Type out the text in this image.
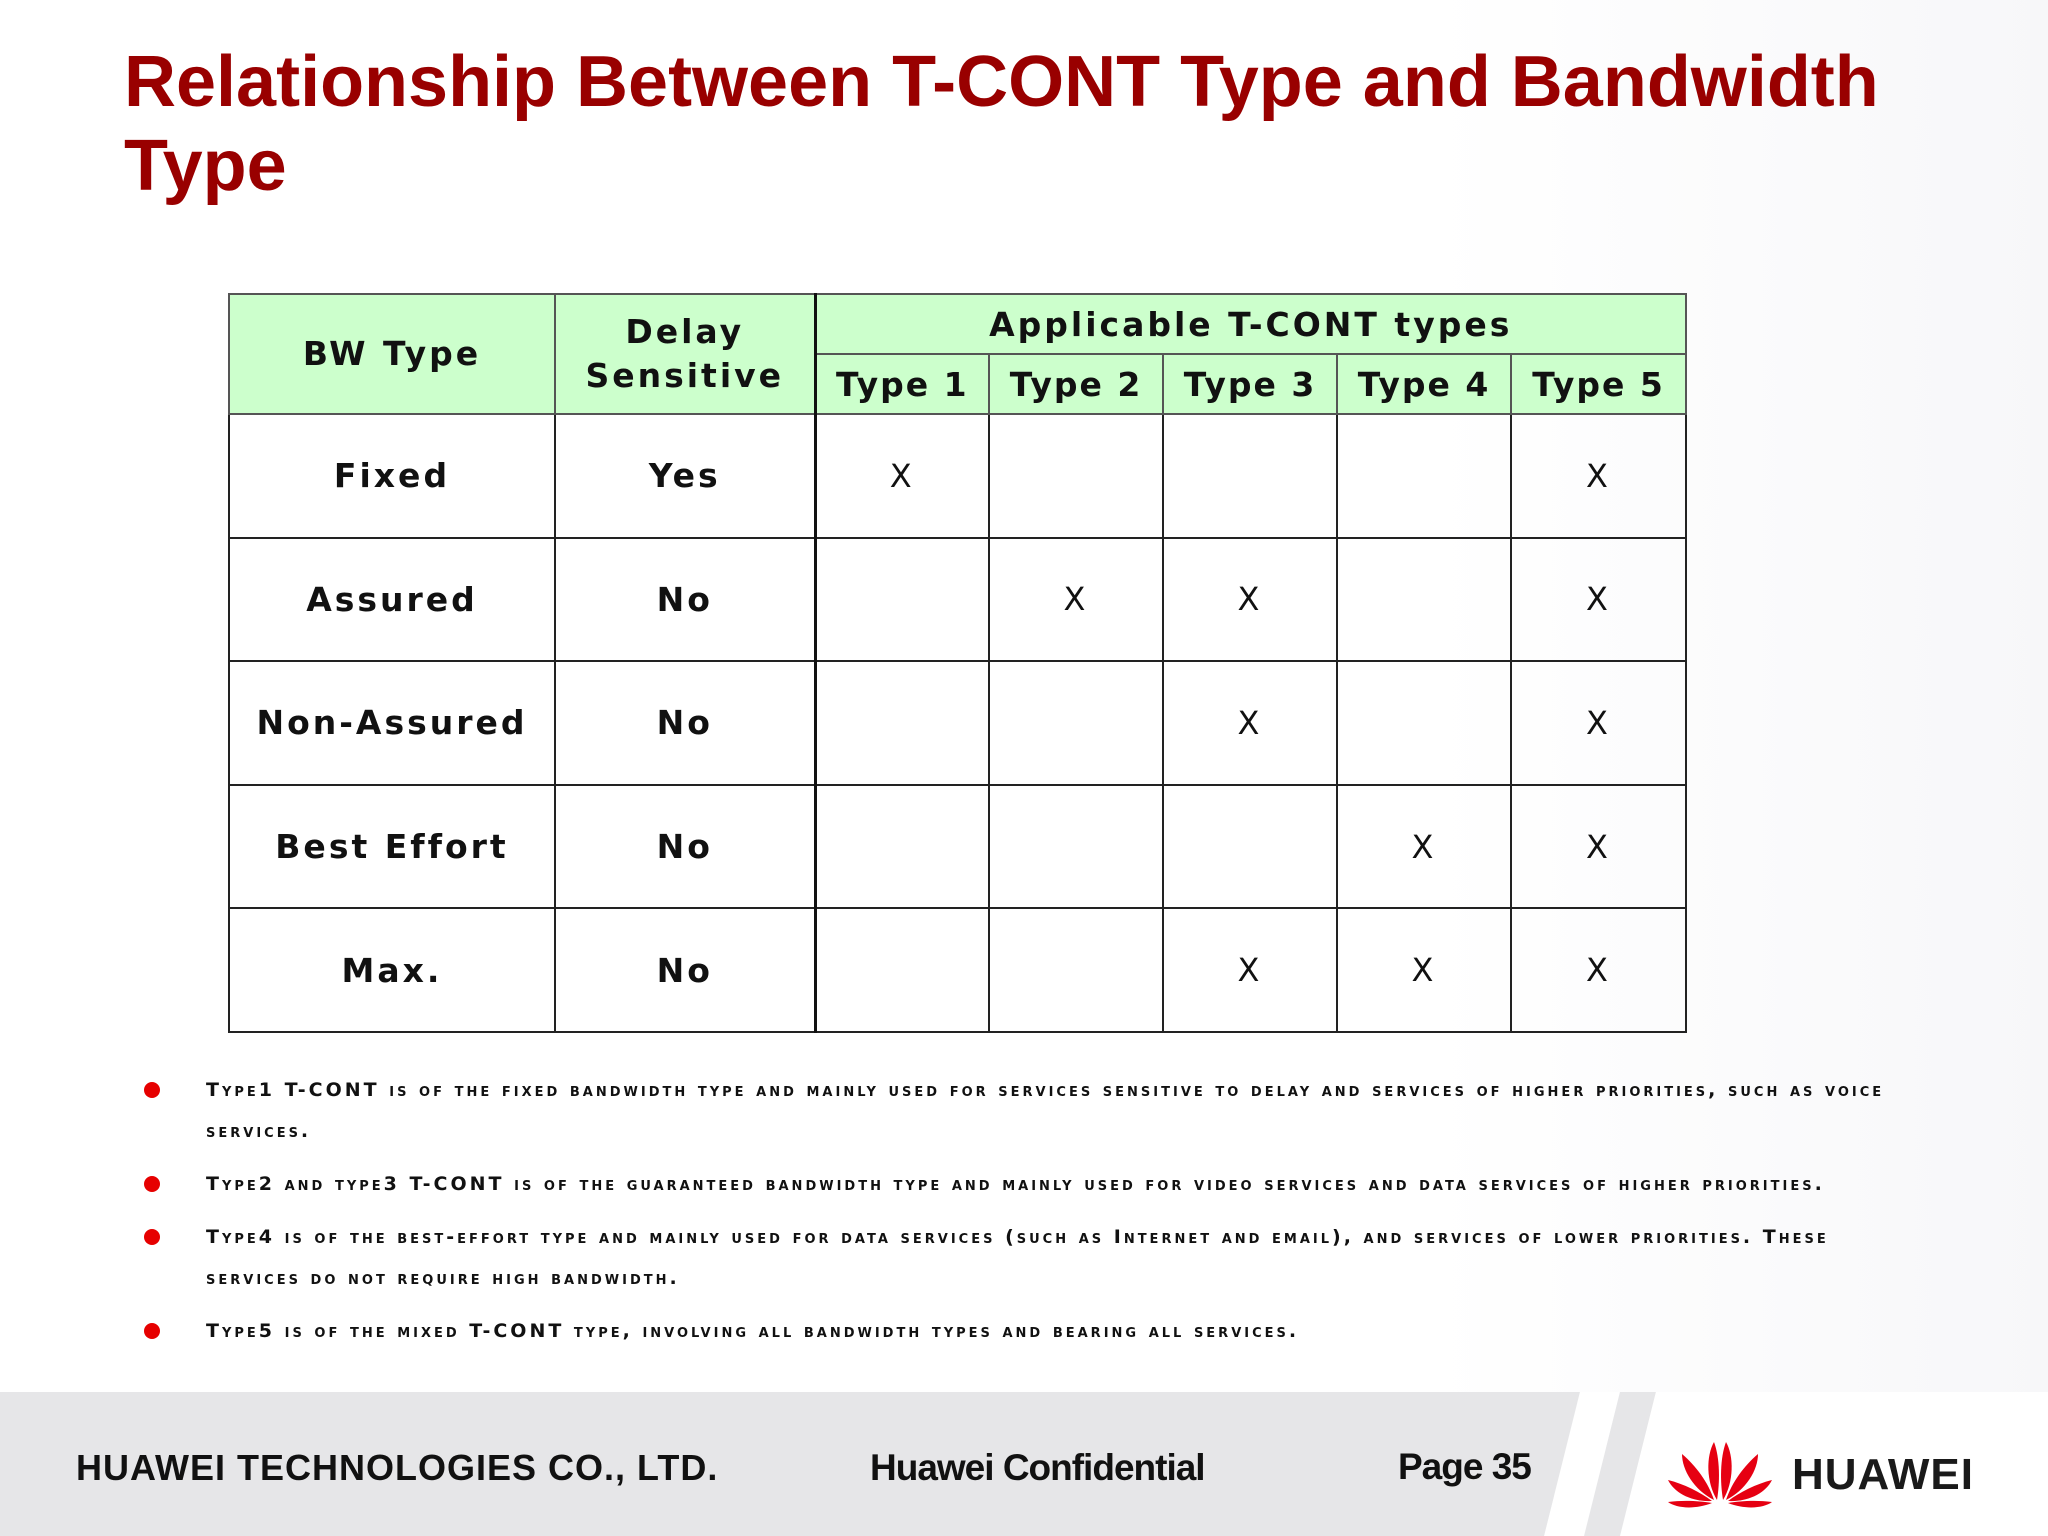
Relationship Between T-CONT Type and Bandwidth Type
BW Type	Delay Sensitive	Applicable T-CONT types				
		Type 1	Type 2	Type 3	Type 4	Type 5
Fixed	Yes	X				X
Assured	No		X	X		X
Non-Assured	No			X		X
Best Effort	No				X	X
Max.	No			X	X	X
Type1 T-CONT is of the fixed bandwidth type and mainly used for services sensitive to delay and services of higher priorities, such as voice services.
Type2 and type3 T-CONT is of the guaranteed bandwidth type and mainly used for video services and data services of higher priorities.
Type4 is of the best-effort type and mainly used for data services (such as Internet and email), and services of lower priorities. These services do not require high bandwidth.
Type5 is of the mixed T-CONT type, involving all bandwidth types and bearing all services.
HUAWEI TECHNOLOGIES CO., LTD.	Huawei Confidential	Page 35	HUAWEI
